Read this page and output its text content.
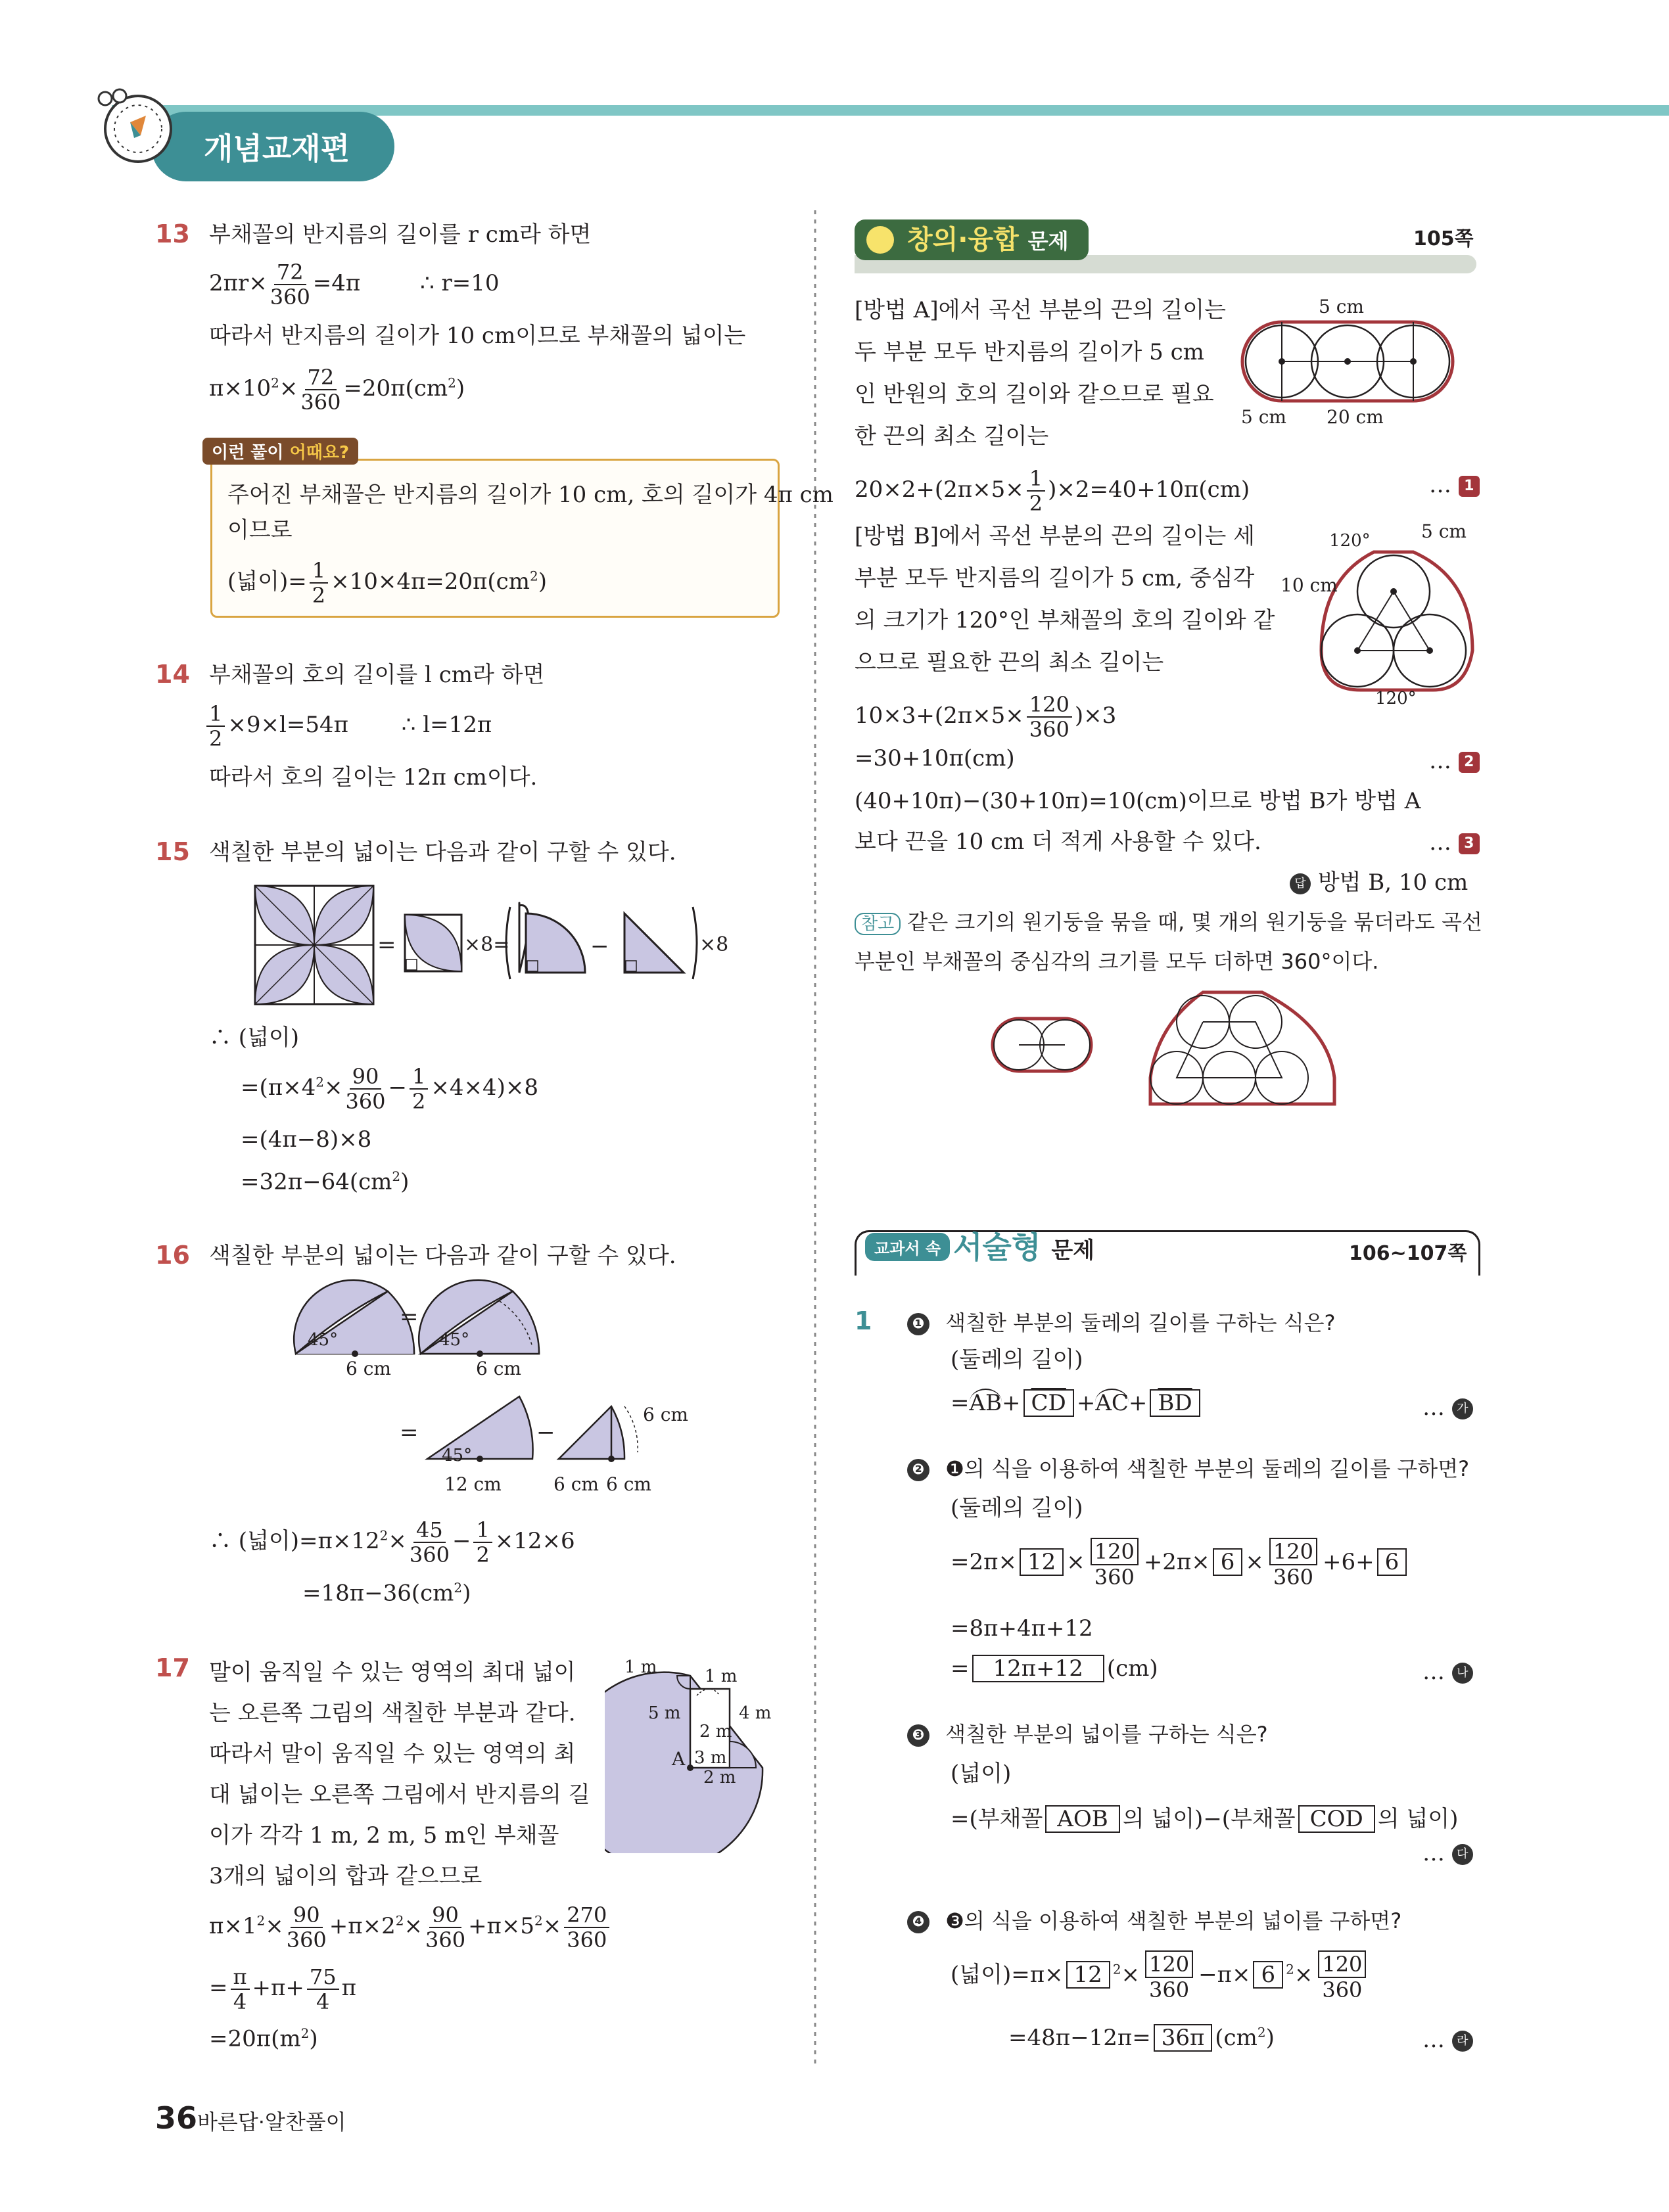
개념교재편
13 부채꼴의 반지름의 길이를 r cm라 하면
$2\pi r\times \frac{72}{360} =4\pi$	∴ r=10
따라서 반지름의 길이가 10 cm이므로 부채꼴의 넓이는
$\pi\times 10^2\times \frac{72}{360} =20\pi(cm^2)$
이런 풀이 어때요?
주어진 부채꼴은 반지름의 길이가 10 cm, 호의 길이가 4π cm
이므로
(넓이)= $\frac{1}{2} \times 10\times 4\pi=20\pi(cm^2)$
14 부채꼴의 호의 길이를 l cm라 하면
$\frac{1}{2} \times 9\times l=54\pi$ ∴ l=12π
따라서 호의 길이는 12π cm이다.
15 색칠한 부분의 넓이는 다음과 같이 구할 수 있다.
×8=	−	×8
=
∴ (넓이)
$=(\pi\times 4^2\times \frac{90}{360} - \frac{1}{2} \times 4\times 4)\times 8$
=(4π−8)×8
$=32\pi-64(cm^2)$
16 색칠한 부분의 넓이는 다음과 같이 구할 수 있다.
45°
6 cm
=
45°
6 cm
=
45°
12 cm
−
6 cm
6 cm 6 cm
∴ (넓이)$=\pi\times 12^2\times \frac{45}{360} - \frac{1}{2} \times 12\times 6$
$=18\pi-36(cm^2)$
17 말이 움직일 수 있는 영역의 최대 넓이
는 오른쪽 그림의 색칠한 부분과 같다.
따라서 말이 움직일 수 있는 영역의 최
대 넓이는 오른쪽 그림에서 반지름의 길
이가 각각 1 m, 2 m, 5 m인 부채꼴
3개의 넓이의 합과 같으므로
1 m	1 m
5 m	4 m
2 m
A 3 m
2 m
$\pi\times 1^2\times \frac{90}{360} +\pi\times 2^2\times \frac{90}{360} +\pi\times 5^2\times \frac{270}{360}$
= $\frac{\pi}{4} +\pi+ \frac{75}{4}$ π
$=20\pi(m^2)$
36 바른답·알찬풀이
창의·융합 문제	105쪽
[방법 A]에서 곡선 부분의 끈의 길이는
두 부분 모두 반지름의 길이가 5 cm
인 반원의 호의 길이와 같으므로 필요
한 끈의 최소 길이는
5 cm
5 cm 20 cm
$20\times 2+(2\pi\times 5\times \frac{1}{2} )\times 2=40+10\pi(cm)$	… 1
[방법 B]에서 곡선 부분의 끈의 길이는 세
부분 모두 반지름의 길이가 5 cm, 중심각
의 크기가 120°인 부채꼴의 호의 길이와 같
으므로 필요한 끈의 최소 길이는
120°	5 cm
10 cm
120°
$10\times 3+(2\pi\times 5\times \frac{120}{360} )\times 3$
=30+10π(cm)	… 2
(40+10π)−(30+10π)=10(cm)이므로 방법 B가 방법 A
보다 끈을 10 cm 더 적게 사용할 수 있다.	… 3
답 방법 B, 10 cm
참고 같은 크기의 원기둥을 묶을 때, 몇 개의 원기둥을 묶더라도 곡선
부분인 부채꼴의 중심각의 크기를 모두 더하면 360°이다.
교과서 속 서술형 문제	106~107쪽
1	❶ 색칠한 부분의 둘레의 길이를 구하는 식은?
(둘레의 길이)
$=AB+ \overline{CD} +AC+ \overline{BD}$	… 가
❷ ❶의 식을 이용하여 색칠한 부분의 둘레의 길이를 구하면?
(둘레의 길이)
$=2\pi\times 12 \times \frac{120}{360} +2\pi\times 6 \times \frac{120}{360} +6+ 6$
=8π+4π+12
= 12π+12 (cm)	… 나
❸ 색칠한 부분의 넓이를 구하는 식은?
(넓이)
=(부채꼴 AOB 의 넓이)−(부채꼴 COD 의 넓이)
… 다
❹ ❸의 식을 이용하여 색칠한 부분의 넓이를 구하면?
(넓이)=π× 12 $^2\times \frac{120}{360} -\pi\times 6$ $^2\times \frac{120}{360}$
=48π−12π= 36π $(cm^2)$	… 라
